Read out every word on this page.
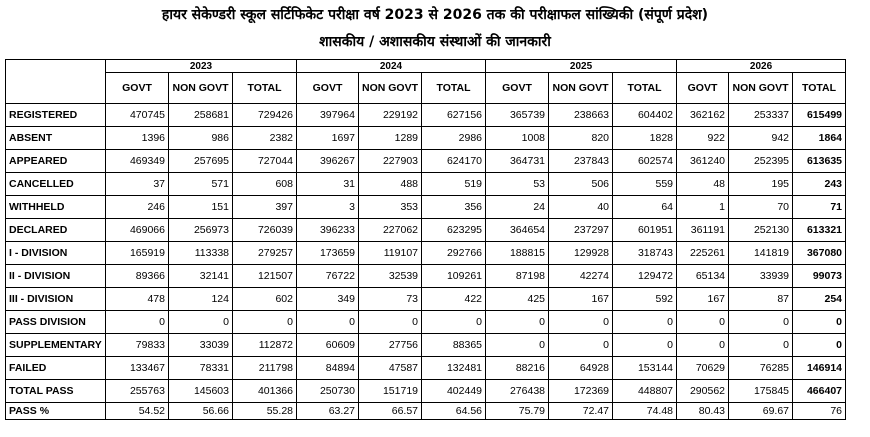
हायर सेकेण्डरी स्कूल सर्टिफिकेट परीक्षा वर्ष 2023 से 2026 तक की परीक्षाफल सांख्यिकी (संपूर्ण प्रदेश)
शासकीय / अशासकीय संस्थाओं की जानकारी
	2023			2024			2025			2026		
	GOVT	NON GOVT	TOTAL	GOVT	NON GOVT	TOTAL	GOVT	NON GOVT	TOTAL	GOVT	NON GOVT	TOTAL
REGISTERED	470745	258681	729426	397964	229192	627156	365739	238663	604402	362162	253337	615499
ABSENT	1396	986	2382	1697	1289	2986	1008	820	1828	922	942	1864
APPEARED	469349	257695	727044	396267	227903	624170	364731	237843	602574	361240	252395	613635
CANCELLED	37	571	608	31	488	519	53	506	559	48	195	243
WITHHELD	246	151	397	3	353	356	24	40	64	1	70	71
DECLARED	469066	256973	726039	396233	227062	623295	364654	237297	601951	361191	252130	613321
I - DIVISION	165919	113338	279257	173659	119107	292766	188815	129928	318743	225261	141819	367080
II - DIVISION	89366	32141	121507	76722	32539	109261	87198	42274	129472	65134	33939	99073
III - DIVISION	478	124	602	349	73	422	425	167	592	167	87	254
PASS DIVISION	0	0	0	0	0	0	0	0	0	0	0	0
SUPPLEMENTARY	79833	33039	112872	60609	27756	88365	0	0	0	0	0	0
FAILED	133467	78331	211798	84894	47587	132481	88216	64928	153144	70629	76285	146914
TOTAL PASS	255763	145603	401366	250730	151719	402449	276438	172369	448807	290562	175845	466407
PASS %	54.52	56.66	55.28	63.27	66.57	64.56	75.79	72.47	74.48	80.43	69.67	76
